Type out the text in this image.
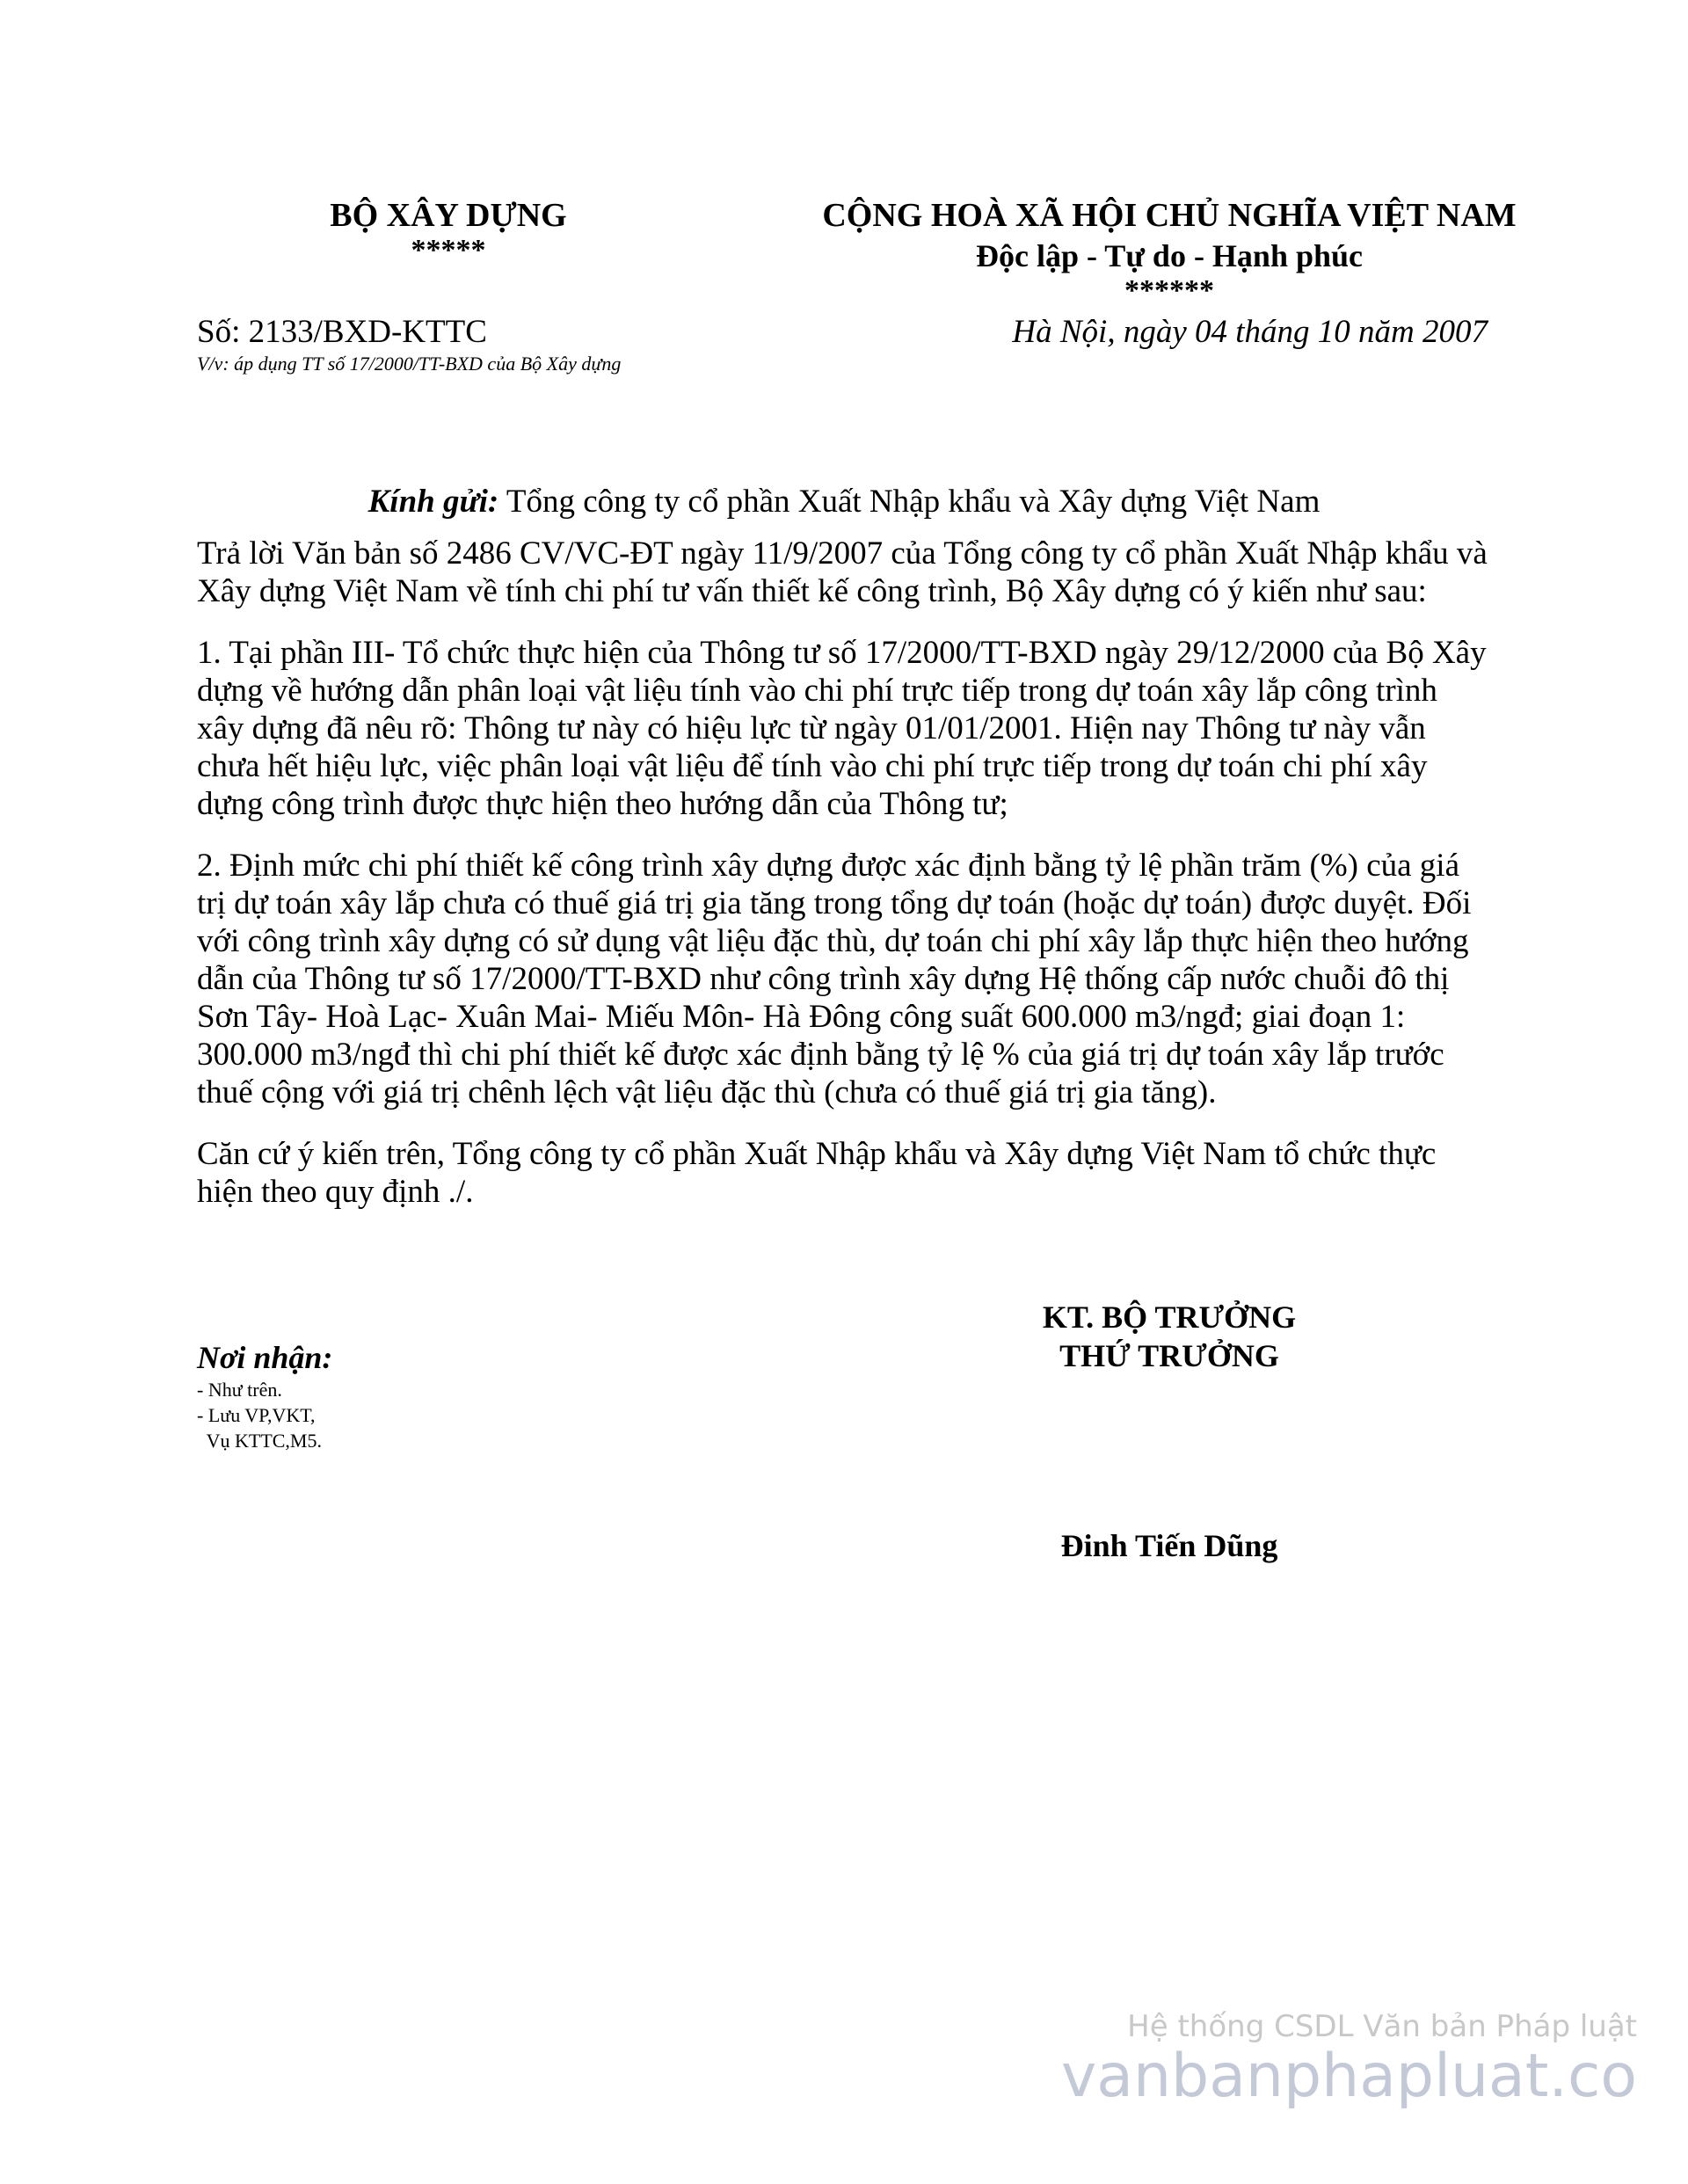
BỘ XÂY DỰNG
*****
CỘNG HOÀ XÃ HỘI CHỦ NGHĨA VIỆT NAM
Độc lập - Tự do - Hạnh phúc
******
Số: 2133/BXD-KTTC
V/v: áp dụng TT số 17/2000/TT-BXD của Bộ Xây dựng
Hà Nội, ngày 04 tháng 10 năm 2007
Kính gửi: Tổng công ty cổ phần Xuất Nhập khẩu và Xây dựng Việt Nam

Trả lời Văn bản số 2486 CV/VC-ĐT ngày 11/9/2007 của Tổng công ty cổ phần Xuất Nhập khẩu và Xây dựng Việt Nam về tính chi phí tư vấn thiết kế công trình, Bộ Xây dựng có ý kiến như sau:

1. Tại phần III- Tổ chức thực hiện của Thông tư số 17/2000/TT-BXD ngày 29/12/2000 của Bộ Xây dựng về hướng dẫn phân loại vật liệu tính vào chi phí trực tiếp trong dự toán xây lắp công trình xây dựng đã nêu rõ: Thông tư này có hiệu lực từ ngày 01/01/2001. Hiện nay Thông tư này vẫn chưa hết hiệu lực, việc phân loại vật liệu để tính vào chi phí trực tiếp trong dự toán chi phí xây dựng công trình được thực hiện theo hướng dẫn của Thông tư;

2. Định mức chi phí thiết kế công trình xây dựng được xác định bằng tỷ lệ phần trăm (%) của giá trị dự toán xây lắp chưa có thuế giá trị gia tăng trong tổng dự toán (hoặc dự toán) được duyệt. Đối với công trình xây dựng có sử dụng vật liệu đặc thù, dự toán chi phí xây lắp thực hiện theo hướng dẫn của Thông tư số 17/2000/TT-BXD như công trình xây dựng Hệ thống cấp nước chuỗi đô thị Sơn Tây- Hoà Lạc- Xuân Mai- Miếu Môn- Hà Đông công suất 600.000 m3/ngđ; giai đoạn 1: 300.000 m3/ngđ thì chi phí thiết kế được xác định bằng tỷ lệ % của giá trị dự toán xây lắp trước thuế cộng với giá trị chênh lệch vật liệu đặc thù (chưa có thuế giá trị gia tăng).

Căn cứ ý kiến trên, Tổng công ty cổ phần Xuất Nhập khẩu và Xây dựng Việt Nam tổ chức thực hiện theo quy định ./.

KT. BỘ TRƯỞNG
THỨ TRƯỞNG
Đinh Tiến Dũng
Nơi nhận:
- Như trên.
- Lưu VP,VKT,
Vụ KTTC,M5.
Hệ thống CSDL Văn bản Pháp luật
vanbanphapluat.co
